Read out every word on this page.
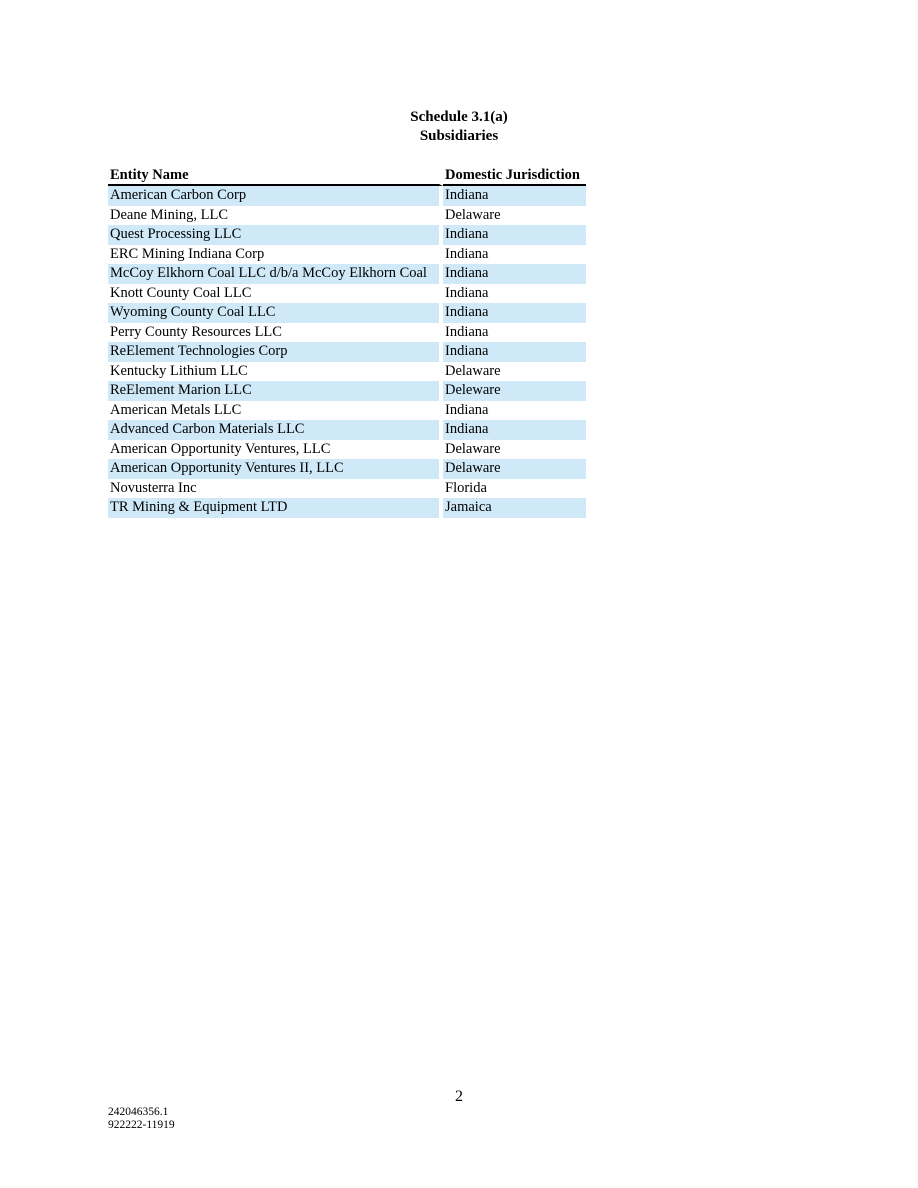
Schedule 3.1(a)
Subsidiaries
Entity Name	Domestic Jurisdiction
American Carbon Corp	Indiana
Deane Mining, LLC	Delaware
Quest Processing LLC	Indiana
ERC Mining Indiana Corp	Indiana
McCoy Elkhorn Coal LLC d/b/a McCoy Elkhorn Coal	Indiana
Knott County Coal LLC	Indiana
Wyoming County Coal LLC	Indiana
Perry County Resources LLC	Indiana
ReElement Technologies Corp	Indiana
Kentucky Lithium LLC	Delaware
ReElement Marion LLC	Deleware
American Metals LLC	Indiana
Advanced Carbon Materials LLC	Indiana
American Opportunity Ventures, LLC	Delaware
American Opportunity Ventures II, LLC	Delaware
Novusterra Inc	Florida
TR Mining & Equipment LTD	Jamaica
2
242046356.1
922222-11919
